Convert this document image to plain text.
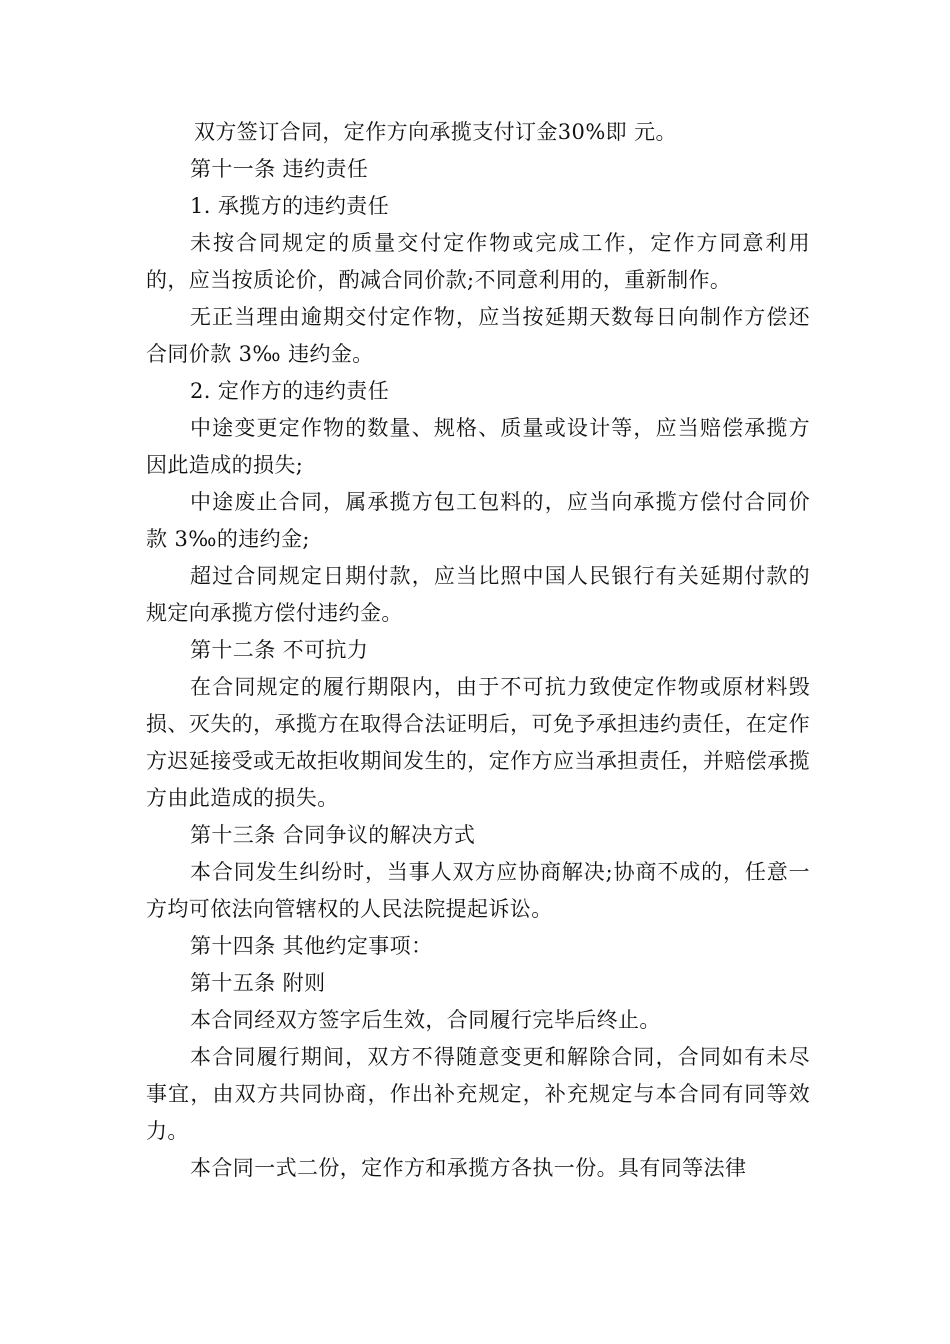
双方签订合同，定作方向承揽支付订金30%即 元。

第十一条 违约责任

1. 承揽方的违约责任

未按合同规定的质量交付定作物或完成工作，定作方同意利用的，应当按质论价，酌减合同价款;不同意利用的，重新制作。

无正当理由逾期交付定作物，应当按延期天数每日向制作方偿还合同价款 3‰ 违约金。

2. 定作方的违约责任

中途变更定作物的数量、规格、质量或设计等，应当赔偿承揽方因此造成的损失;

中途废止合同，属承揽方包工包料的，应当向承揽方偿付合同价款 3‰的违约金;

超过合同规定日期付款，应当比照中国人民银行有关延期付款的规定向承揽方偿付违约金。

第十二条 不可抗力

在合同规定的履行期限内，由于不可抗力致使定作物或原材料毁损、灭失的，承揽方在取得合法证明后，可免予承担违约责任，在定作方迟延接受或无故拒收期间发生的，定作方应当承担责任，并赔偿承揽方由此造成的损失。

第十三条 合同争议的解决方式

本合同发生纠纷时，当事人双方应协商解决;协商不成的，任意一方均可依法向管辖权的人民法院提起诉讼。

第十四条 其他约定事项：

第十五条 附则

本合同经双方签字后生效，合同履行完毕后终止。

本合同履行期间，双方不得随意变更和解除合同，合同如有未尽事宜，由双方共同协商，作出补充规定，补充规定与本合同有同等效力。

本合同一式二份，定作方和承揽方各执一份。具有同等法律
